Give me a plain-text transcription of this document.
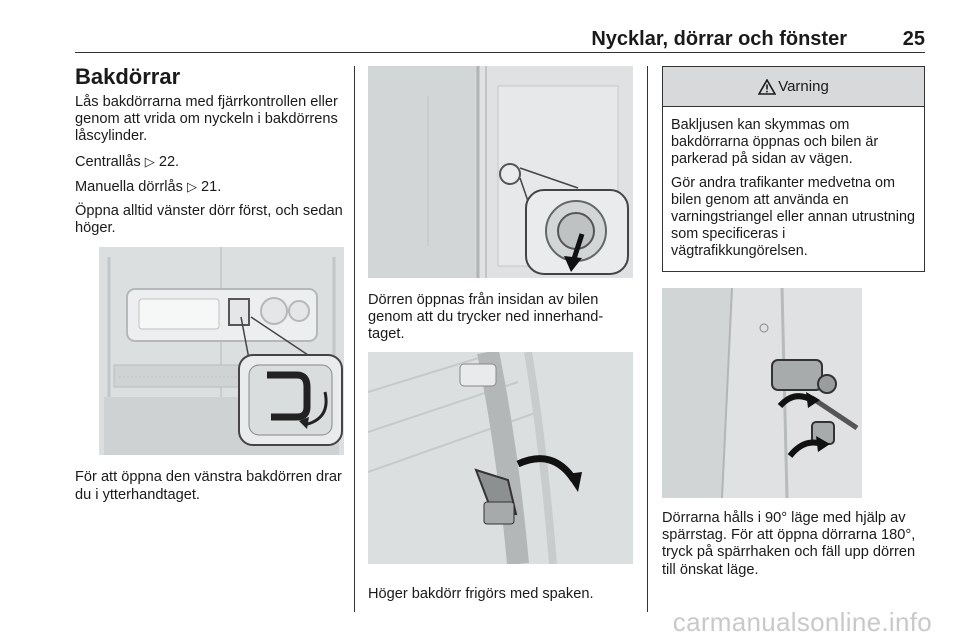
Nycklar, dörrar och fönster	25
Bakdörrar

Lås bakdörrarna med fjärrkontrollen eller genom att vrida om nyckeln i bakdörrens låscylinder.

Centrallås ▷ 22.

Manuella dörrlås ▷ 21.

Öppna alltid vänster dörr först, och sedan höger.

För att öppna den vänstra bakdörren drar du i ytterhandtaget.

Dörren öppnas från insidan av bilen genom att du trycker ned innerhand-taget.

Höger bakdörr frigörs med spaken.

Varning

Bakljusen kan skymmas om bakdörrarna öppnas och bilen är parkerad på sidan av vägen.

Gör andra trafikanter medvetna om bilen genom att använda en varningstriangel eller annan utrustning som specificeras i vägtrafikkungörelsen.

Dörrarna hålls i 90° läge med hjälp av spärrstag. För att öppna dörrarna 180°, tryck på spärrhaken och fäll upp dörren till önskat läge.

carmanualsonline.info
